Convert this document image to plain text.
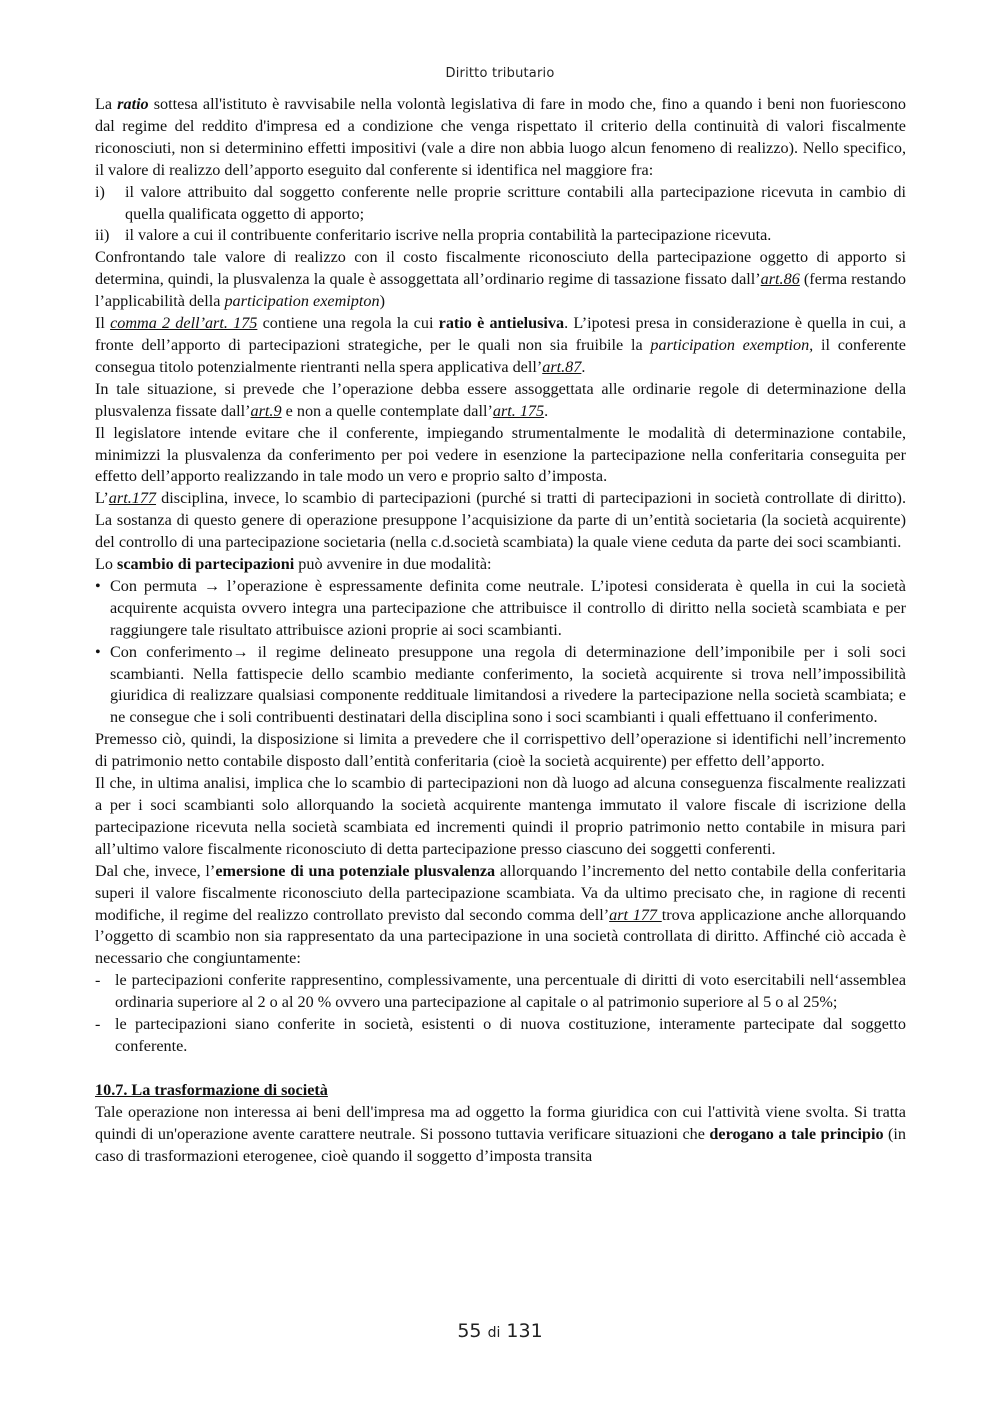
Diritto tributario

La ratio sottesa all'istituto è ravvisabile nella volontà legislativa di fare in modo che, fino a quando i beni non fuoriescono dal regime del reddito d'impresa ed a condizione che venga rispettato il criterio della continuità di valori fiscalmente riconosciuti, non si determinino effetti impositivi (vale a dire non abbia luogo alcun fenomeno di realizzo). Nello specifico, il valore di realizzo dell’apporto eseguito dal conferente si identifica nel maggiore fra:

i) il valore attribuito dal soggetto conferente nelle proprie scritture contabili alla partecipazione ricevuta in cambio di quella qualificata oggetto di apporto;
ii) il valore a cui il contribuente conferitario iscrive nella propria contabilità la partecipazione ricevuta.

Confrontando tale valore di realizzo con il costo fiscalmente riconosciuto della partecipazione oggetto di apporto si determina, quindi, la plusvalenza la quale è assoggettata all’ordinario regime di tassazione fissato dall’art.86 (ferma restando l’applicabilità della participation exemipton)

Il comma 2 dell’art. 175 contiene una regola la cui ratio è antielusiva. L’ipotesi presa in considerazione è quella in cui, a fronte dell’apporto di partecipazioni strategiche, per le quali non sia fruibile la participation exemption, il conferente consegua titolo potenzialmente rientranti nella spera applicativa dell’art.87.

In tale situazione, si prevede che l’operazione debba essere assoggettata alle ordinarie regole di determinazione della plusvalenza fissate dall’art.9 e non a quelle contemplate dall’art. 175.

Il legislatore intende evitare che il conferente, impiegando strumentalmente le modalità di determinazione contabile, minimizzi la plusvalenza da conferimento per poi vedere in esenzione la partecipazione nella conferitaria conseguita per effetto dell’apporto realizzando in tale modo un vero e proprio salto d’imposta.

L’art.177 disciplina, invece, lo scambio di partecipazioni (purché si tratti di partecipazioni in società controllate di diritto). La sostanza di questo genere di operazione presuppone l’acquisizione da parte di un’entità societaria (la società acquirente) del controllo di una partecipazione societaria (nella c.d.società scambiata) la quale viene ceduta da parte dei soci scambianti.

Lo scambio di partecipazioni può avvenire in due modalità:

• Con permuta → l’operazione è espressamente definita come neutrale. L’ipotesi considerata è quella in cui la società acquirente acquista ovvero integra una partecipazione che attribuisce il controllo di diritto nella società scambiata e per raggiungere tale risultato attribuisce azioni proprie ai soci scambianti.
• Con conferimento→ il regime delineato presuppone una regola di determinazione dell’imponibile per i soli soci scambianti. Nella fattispecie dello scambio mediante conferimento, la società acquirente si trova nell’impossibilità giuridica di realizzare qualsiasi componente reddituale limitandosi a rivedere la partecipazione nella società scambiata; e ne consegue che i soli contribuenti destinatari della disciplina sono i soci scambianti i quali effettuano il conferimento.

Premesso ciò, quindi, la disposizione si limita a prevedere che il corrispettivo dell’operazione si identifichi nell’incremento di patrimonio netto contabile disposto dall’entità conferitaria (cioè la società acquirente) per effetto dell’apporto.

Il che, in ultima analisi, implica che lo scambio di partecipazioni non dà luogo ad alcuna conseguenza fiscalmente realizzati a per i soci scambianti solo allorquando la società acquirente mantenga immutato il valore fiscale di iscrizione della partecipazione ricevuta nella società scambiata ed incrementi quindi il proprio patrimonio netto contabile in misura pari all’ultimo valore fiscalmente riconosciuto di detta partecipazione presso ciascuno dei soggetti conferenti.

Dal che, invece, l’emersione di una potenziale plusvalenza allorquando l’incremento del netto contabile della conferitaria superi il valore fiscalmente riconosciuto della partecipazione scambiata. Va da ultimo precisato che, in ragione di recenti modifiche, il regime del realizzo controllato previsto dal secondo comma dell’art 177 trova applicazione anche allorquando l’oggetto di scambio non sia rappresentato da una partecipazione in una società controllata di diritto. Affinché ciò accada è necessario che congiuntamente:

- le partecipazioni conferite rappresentino, complessivamente, una percentuale di diritti di voto esercitabili nell‘assemblea ordinaria superiore al 2 o al 20 % ovvero una partecipazione al capitale o al patrimonio superiore al 5 o al 25%;
- le partecipazioni siano conferite in società, esistenti o di nuova costituzione, interamente partecipate dal soggetto conferente.

10.7. La trasformazione di società

Tale operazione non interessa ai beni dell'impresa ma ad oggetto la forma giuridica con cui l'attività viene svolta. Si tratta quindi di un'operazione avente carattere neutrale. Si possono tuttavia verificare situazioni che derogano a tale principio (in caso di trasformazioni eterogenee, cioè quando il soggetto d’imposta transita

55 di 131
